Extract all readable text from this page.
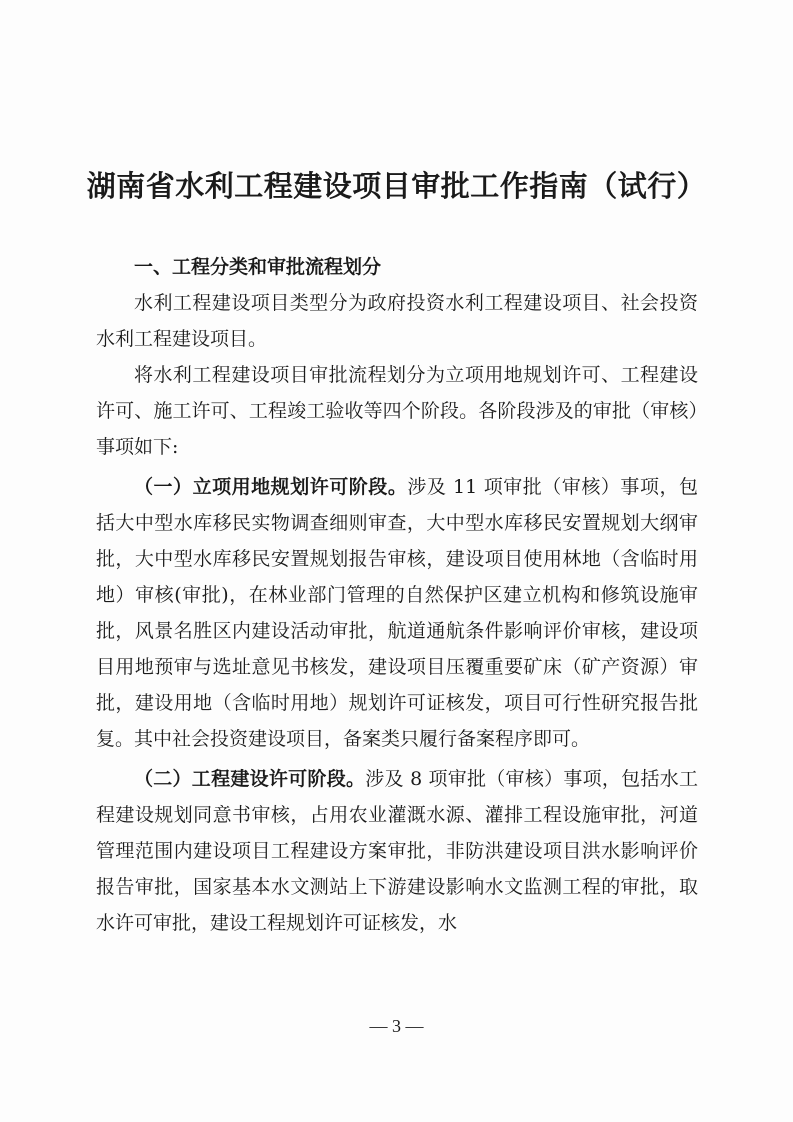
湖南省水利工程建设项目审批工作指南（试行）

一、工程分类和审批流程划分

水利工程建设项目类型分为政府投资水利工程建设项目、社会投资水利工程建设项目。

将水利工程建设项目审批流程划分为立项用地规划许可、工程建设许可、施工许可、工程竣工验收等四个阶段。各阶段涉及的审批（审核）事项如下:

（一）立项用地规划许可阶段。涉及 11 项审批（审核）事项，包括大中型水库移民实物调查细则审查，大中型水库移民安置规划大纲审批，大中型水库移民安置规划报告审核，建设项目使用林地（含临时用地）审核(审批)，在林业部门管理的自然保护区建立机构和修筑设施审批，风景名胜区内建设活动审批，航道通航条件影响评价审核，建设项目用地预审与选址意见书核发，建设项目压覆重要矿床（矿产资源）审批，建设用地（含临时用地）规划许可证核发，项目可行性研究报告批复。其中社会投资建设项目，备案类只履行备案程序即可。

（二）工程建设许可阶段。涉及 8 项审批（审核）事项，包括水工程建设规划同意书审核，占用农业灌溉水源、灌排工程设施审批，河道管理范围内建设项目工程建设方案审批，非防洪建设项目洪水影响评价报告审批，国家基本水文测站上下游建设影响水文监测工程的审批，取水许可审批，建设工程规划许可证核发，水

— 3 —
